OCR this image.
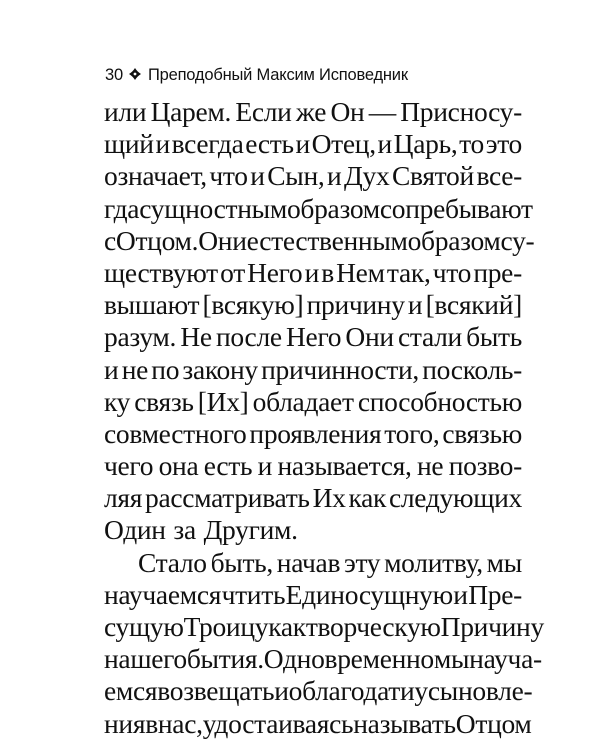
30 Преподобный Максим Исповедник
или Царем. Если же Он — Присносу-
щий и всегда есть и Отец, и Царь, то это
означает, что и Сын, и Дух Святой все-
гда сущностным образом сопребывают
с Отцом. Они естественным образом су-
ществуют от Него и в Нем так, что пре-
вышают [всякую] причину и [всякий]
разум. Не после Него Они стали быть
и не по закону причинности, посколь-
ку связь [Их] обладает способностью
совместного проявления того, связью
чего она есть и называется, не позво-
ляя рассматривать Их как следующих
Один за Другим.
Стало быть, начав эту молитву, мы
научаемся чтить Единосущную и Пре-
сущую Троицу как творческую Причину
нашего бытия. Одновременно мы научa-
емся возвещать и о благодати усыновле-
ния в нас, удостаиваясь называть Отцом
